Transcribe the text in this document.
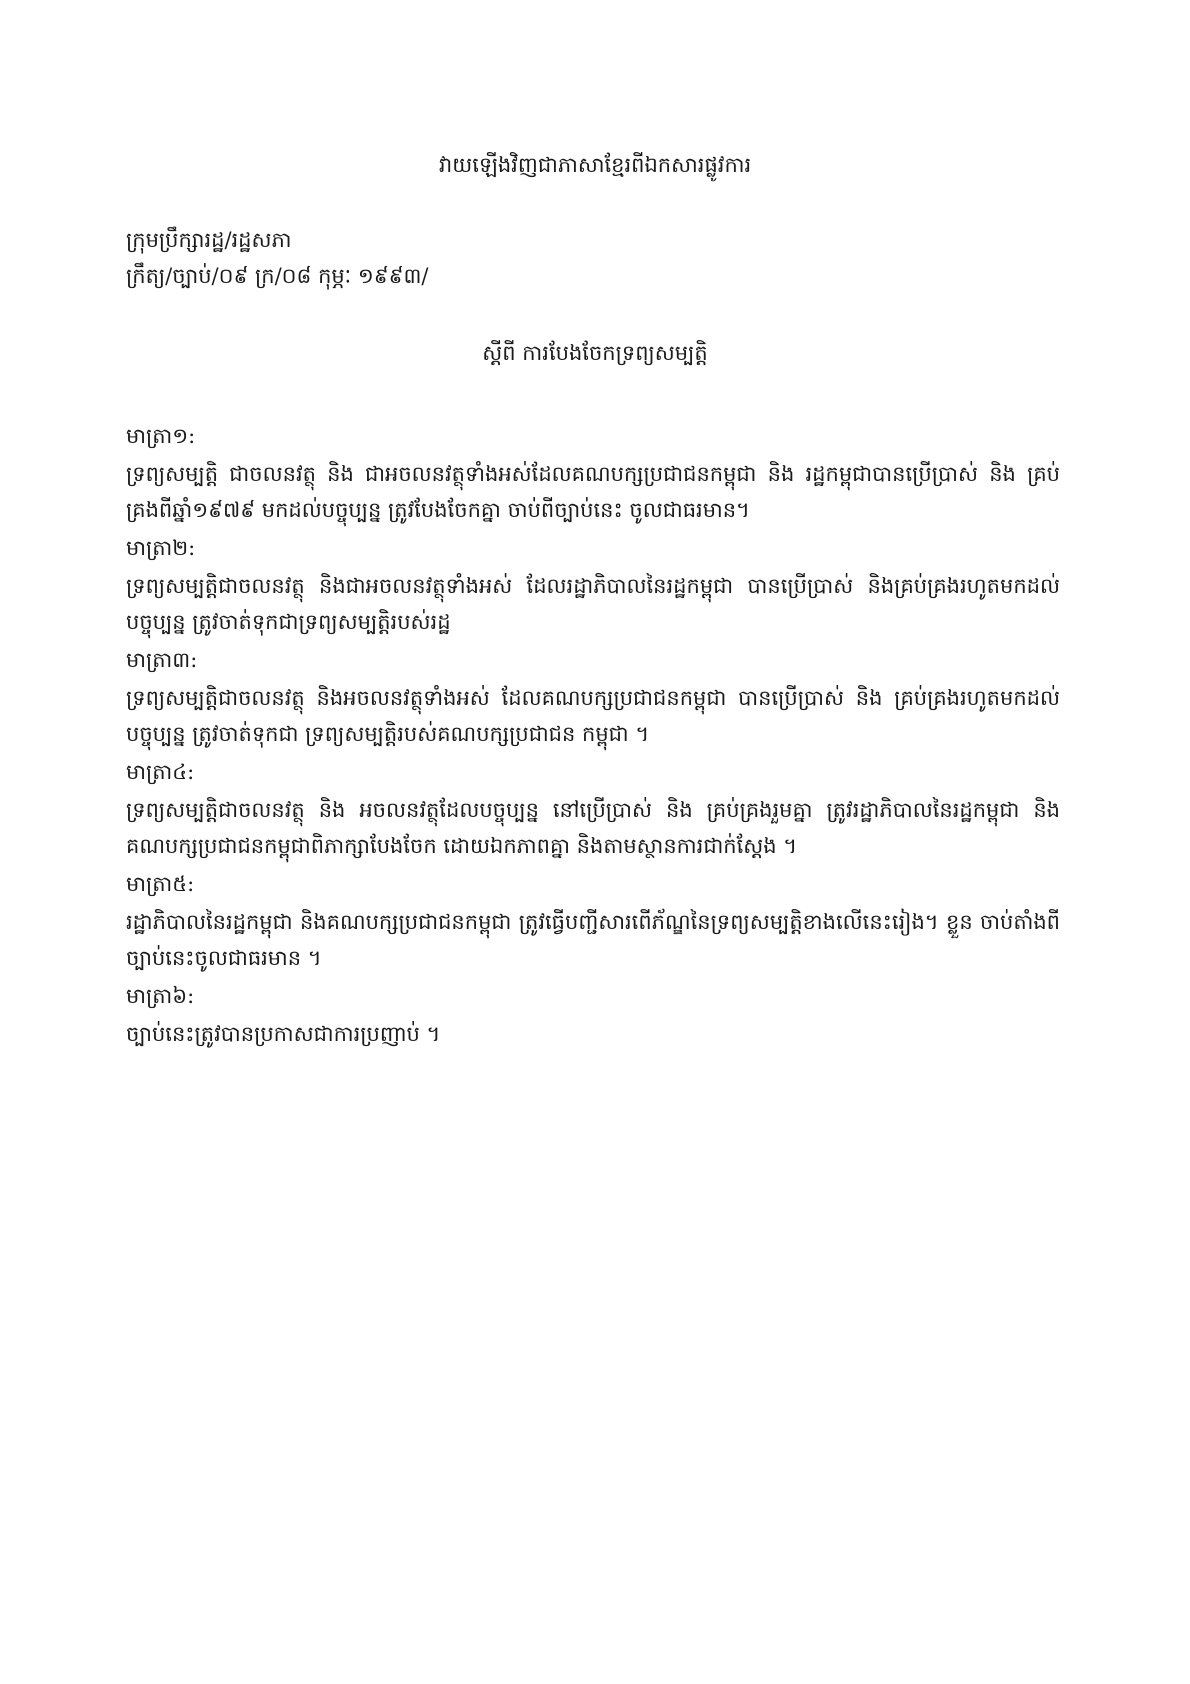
វាយឡើងវិញជាភាសាខ្មែរពីឯកសារផ្លូវការ
ក្រុមប្រឹក្សារដ្ឋ/រដ្ឋសភា
ក្រឹត្យ/ច្បាប់/០៩ ក្រ/០៨ កុម្ភៈ ១៩៩៣/
ស្តីពី ការបែងចែកទ្រព្យសម្បត្តិ

មាត្រា១:

ទ្រព្យសម្បត្តិ ជាចលនវត្ថុ និង ជាអចលនវត្ថុទាំងអស់ដែលគណបក្សប្រជាជនកម្ពុជា និង រដ្ឋកម្ពុជាបានប្រើប្រាស់ និង គ្រប់គ្រងពីឆ្នាំ១៩៧៩ មកដល់បច្ចុប្បន្ន ត្រូវបែងចែកគ្នា ចាប់ពីច្បាប់នេះ ចូលជាធរមាន។

មាត្រា២:

ទ្រព្យសម្បត្តិជាចលនវត្ថុ និងជាអចលនវត្ថុទាំងអស់ ដែលរដ្ឋាភិបាលនៃរដ្ឋកម្ពុជា បានប្រើប្រាស់ និងគ្រប់គ្រងរហូតមកដល់បច្ចុប្បន្ន ត្រូវចាត់ទុកជាទ្រព្យសម្បត្តិរបស់រដ្ឋ

មាត្រា៣:

ទ្រព្យសម្បត្តិជាចលនវត្ថុ និងអចលនវត្ថុទាំងអស់ ដែលគណបក្សប្រជាជនកម្ពុជា បានប្រើប្រាស់ និង គ្រប់គ្រងរហូតមកដល់បច្ចុប្បន្ន ត្រូវចាត់ទុកជា ទ្រព្យសម្បត្តិរបស់គណបក្សប្រជាជន កម្ពុជា ។

មាត្រា៤:

ទ្រព្យសម្បត្តិជាចលនវត្ថុ និង អចលនវត្ថុដែលបច្ចុប្បន្ន នៅប្រើប្រាស់ និង គ្រប់គ្រងរួមគ្នា ត្រូវរដ្ឋាភិបាលនៃរដ្ឋកម្ពុជា និងគណបក្សប្រជាជនកម្ពុជាពិភាក្សាបែងចែក ដោយឯកភាពគ្នា និងតាមស្ថានការជាក់ស្តែង ។

មាត្រា៥:

រដ្ឋាភិបាលនៃរដ្ឋកម្ពុជា និងគណបក្សប្រជាជនកម្ពុជា ត្រូវធ្វើបញ្ជីសារពើភ័ណ្ឌនៃទ្រព្យសម្បត្តិខាងលើនេះរៀង។ ខ្លួន ចាប់តាំងពីច្បាប់នេះចូលជាធរមាន ។

មាត្រា៦:

ច្បាប់នេះត្រូវបានប្រកាសជាការប្រញាប់ ។
